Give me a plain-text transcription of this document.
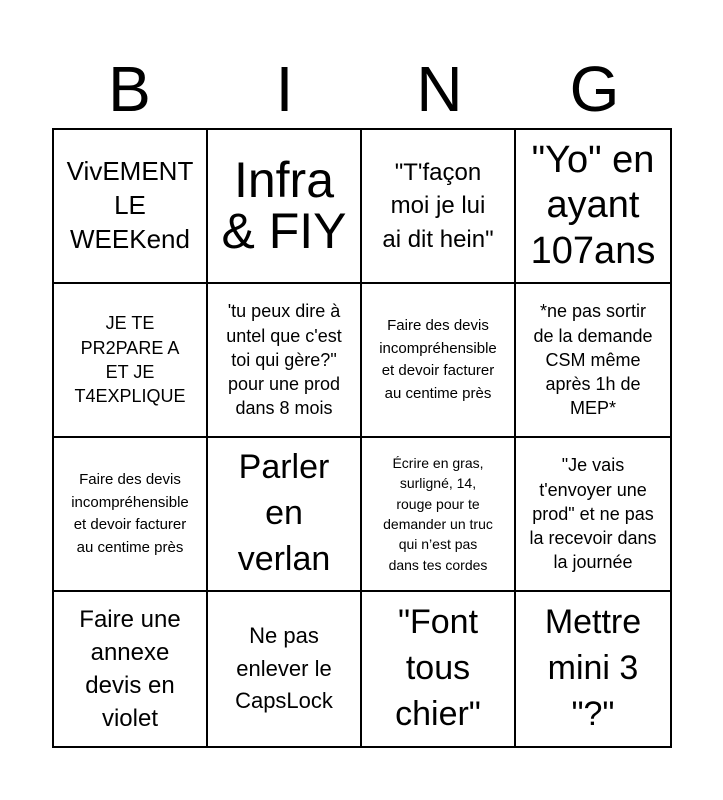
B	I	N	G
VivEMENT
LE
WEEKend
Infra
& FIY
"T'façon
moi je lui
ai dit hein"
"Yo" en
ayant
107ans
JE TE
PR2PARE A
ET JE
T4EXPLIQUE
'tu peux dire à
untel que c'est
toi qui gère?"
pour une prod
dans 8 mois
Faire des devis
incompréhensible
et devoir facturer
au centime près
*ne pas sortir
de la demande
CSM même
après 1h de
MEP*
Faire des devis
incompréhensible
et devoir facturer
au centime près
Parler
en
verlan
Écrire en gras,
surligné, 14,
rouge pour te
demander un truc
qui n’est pas
dans tes cordes
"Je vais
t'envoyer une
prod" et ne pas
la recevoir dans
la journée
Faire une
annexe
devis en
violet
Ne pas
enlever le
CapsLock
"Font
tous
chier"
Mettre
mini 3
"?"
